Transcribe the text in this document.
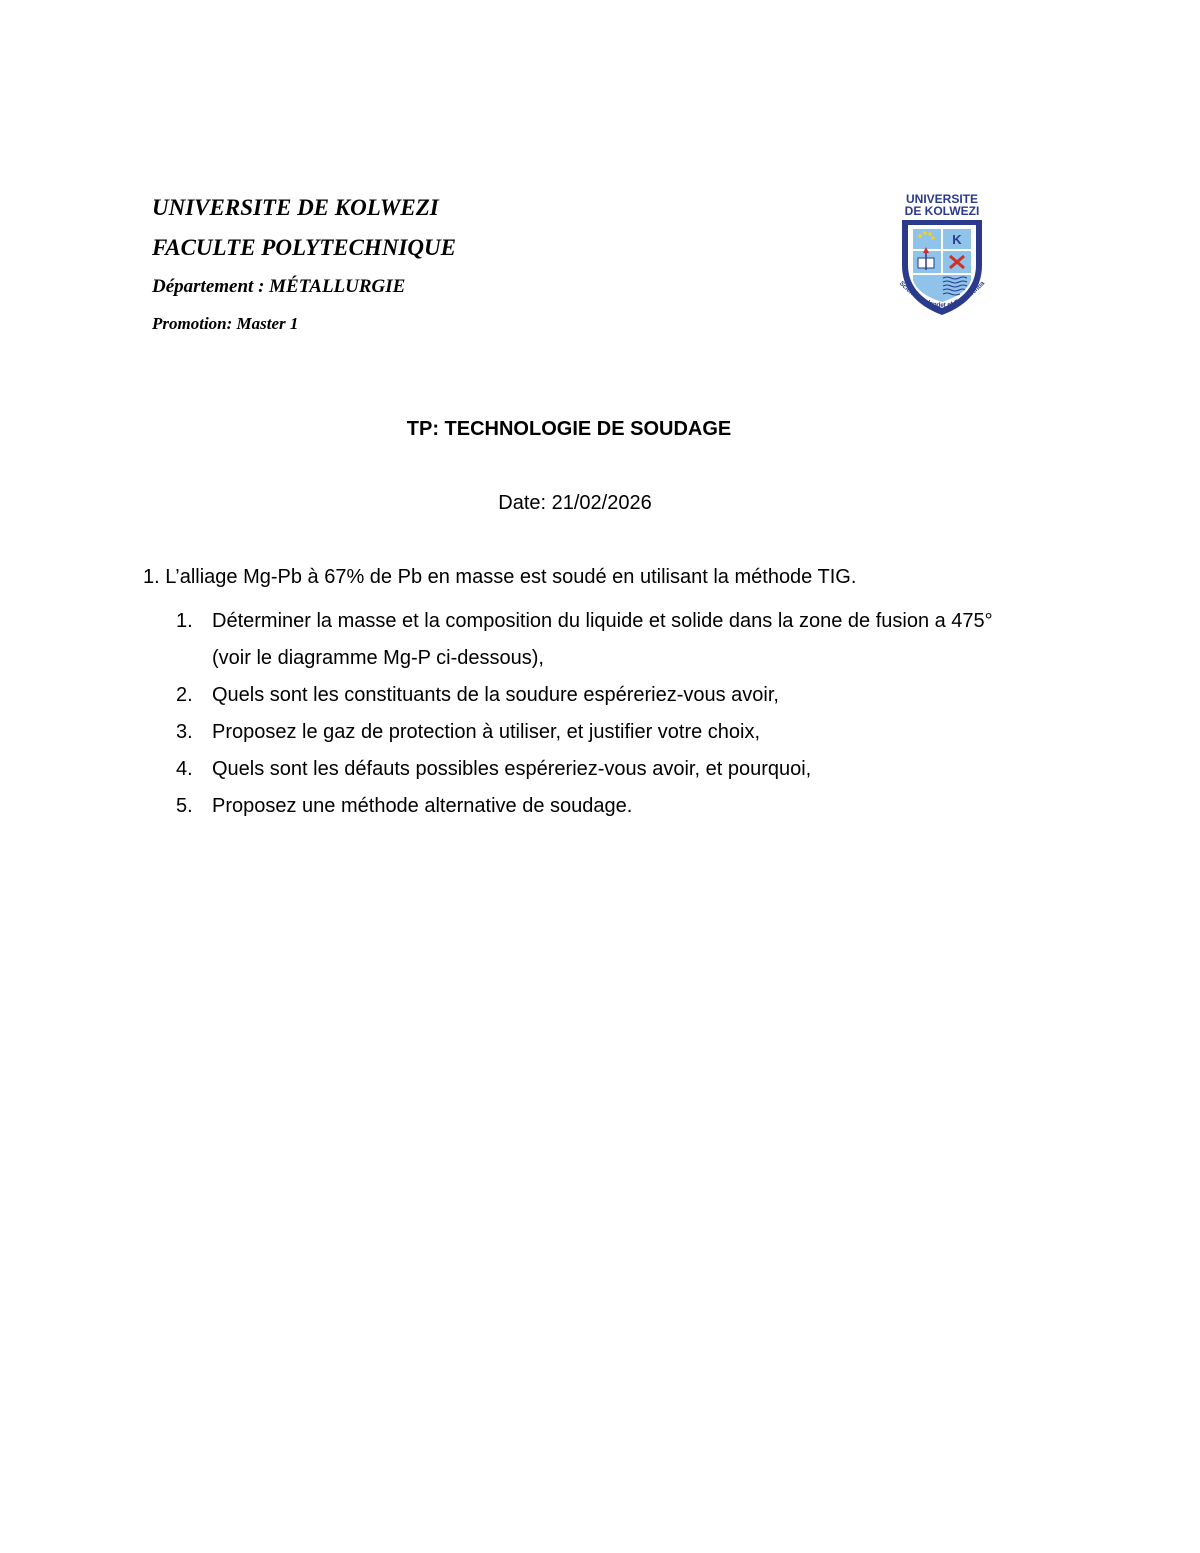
UNIVERSITE DE KOLWEZI

FACULTE POLYTECHNIQUE

Département : MÉTALLURGIE

Promotion: Master 1

UNIVERSITE
DE KOLWEZI
K
Scientia Splendet et Conscientia
TP: TECHNOLOGIE DE SOUDAGE
Date: 21/02/2026
1. L’alliage Mg-Pb à 67% de Pb en masse est soudé en utilisant la méthode TIG.
1. Déterminer la masse et la composition du liquide et solide dans la zone de fusion a 475° (voir le diagramme Mg-P ci-dessous),
2. Quels sont les constituants de la soudure espéreriez-vous avoir,
3. Proposez le gaz de protection à utiliser, et justifier votre choix,
4. Quels sont les défauts possibles espéreriez-vous avoir, et pourquoi,
5. Proposez une méthode alternative de soudage.
